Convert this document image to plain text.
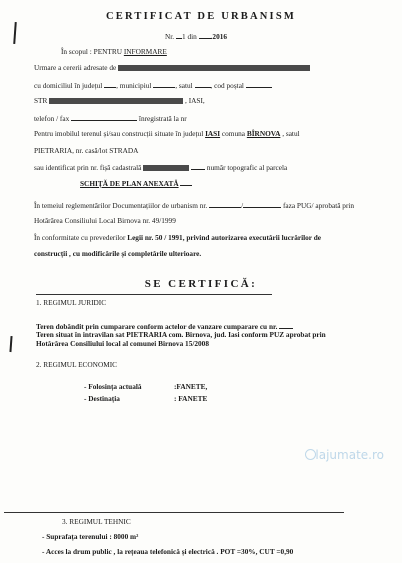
CERTIFICAT DE URBANISM
Nr. 1 din .2016
În scopul : PENTRU INFORMARE
Urmare a cererii adresate de
cu domiciliul în județul , municipiul	, satul , cod poștal
STR	, IASI,
telefon / fax	înregistrată la nr
Pentru imobilul terenul și/sau construcții situate în județul IASI comuna BÎRNOVA , satul
PIETRARIA, nr. casă/lot STRADA
sau identificat prin nr. fișă cadastrală	număr topografic al parcela
SCHIȚĂ DE PLAN ANEXATĂ
În temeiul reglementărilor Documentațiilor de urbanism nr.	/	faza PUG/ aprobată prin
Hotărârea Consiliului Local Birnova nr. 49/1999
În conformitate cu prevederilor Legii nr. 50 / 1991, privind autorizarea executării lucrărilor de
construcții , cu modificările și completările ulterioare.
SE CERTIFICĂ:
1. REGIMUL JURIDIC
Teren dobândit prin cumparare conform actelor de vanzare cumparare cu nr.
Teren situat în intravilan sat PIETRARIA com. Birnova, jud. Iasi conform PUZ aprobat prin
Hotărârea Consiliului local al comunei Birnova 15/2008
2. REGIMUL ECONOMIC
- Folosința actuală	:FANETE,
- Destinația	: FANETE
lajumate.ro
3. REGIMUL TEHNIC
- Suprafața terenului : 8000 m²
- Acces la drum public , la rețeaua telefonică și electrică . POT =30%, CUT =0,90
